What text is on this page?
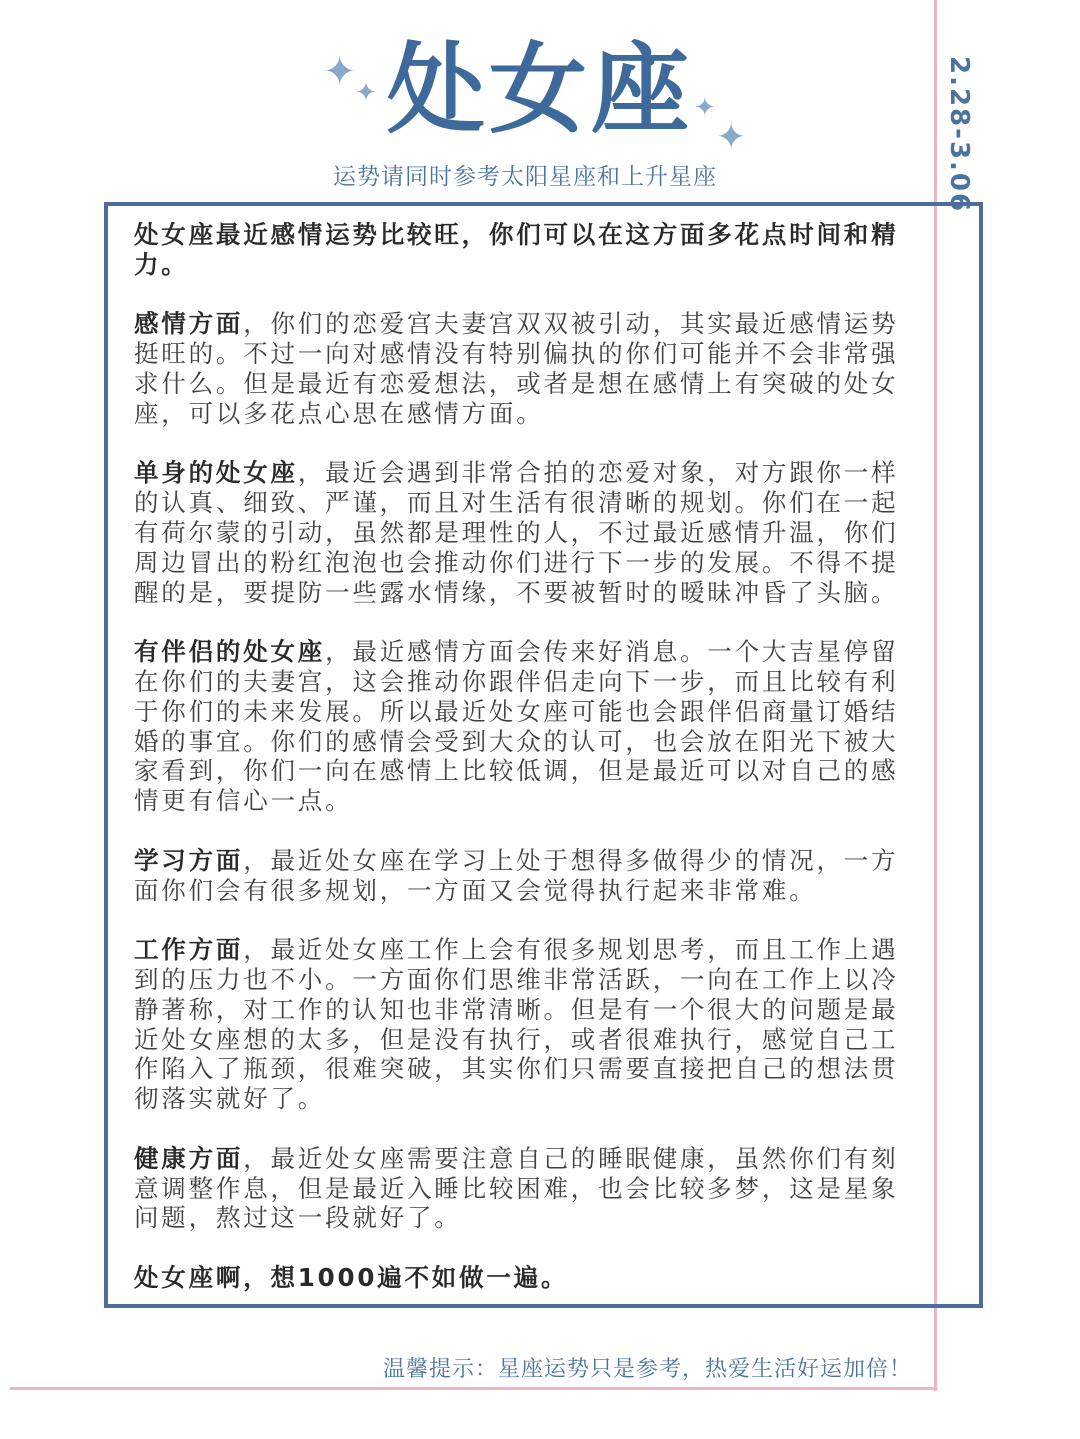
✦
✦	✦
✦
处女座
运势请同时参考太阳星座和上升星座	2.28-3.06

处女座最近感情运势比较旺，你们可以在这方面多花点时间和精力。

感情方面，你们的恋爱宫夫妻宫双双被引动，其实最近感情运势挺旺的。不过一向对感情没有特别偏执的你们可能并不会非常强求什么。但是最近有恋爱想法，或者是想在感情上有突破的处女座，可以多花点心思在感情方面。

单身的处女座，最近会遇到非常合拍的恋爱对象，对方跟你一样的认真、细致、严谨，而且对生活有很清晰的规划。你们在一起有荷尔蒙的引动，虽然都是理性的人，不过最近感情升温，你们周边冒出的粉红泡泡也会推动你们进行下一步的发展。不得不提醒的是，要提防一些露水情缘，不要被暂时的暧昧冲昏了头脑。

有伴侣的处女座，最近感情方面会传来好消息。一个大吉星停留在你们的夫妻宫，这会推动你跟伴侣走向下一步，而且比较有利于你们的未来发展。所以最近处女座可能也会跟伴侣商量订婚结婚的事宜。你们的感情会受到大众的认可，也会放在阳光下被大家看到，你们一向在感情上比较低调，但是最近可以对自己的感情更有信心一点。

学习方面，最近处女座在学习上处于想得多做得少的情况，一方面你们会有很多规划，一方面又会觉得执行起来非常难。

工作方面，最近处女座工作上会有很多规划思考，而且工作上遇到的压力也不小。一方面你们思维非常活跃，一向在工作上以冷静著称，对工作的认知也非常清晰。但是有一个很大的问题是最近处女座想的太多，但是没有执行，或者很难执行，感觉自己工作陷入了瓶颈，很难突破，其实你们只需要直接把自己的想法贯彻落实就好了。

健康方面，最近处女座需要注意自己的睡眠健康，虽然你们有刻意调整作息，但是最近入睡比较困难，也会比较多梦，这是星象问题，熬过这一段就好了。

处女座啊，想1000遍不如做一遍。

温馨提示：星座运势只是参考，热爱生活好运加倍！
